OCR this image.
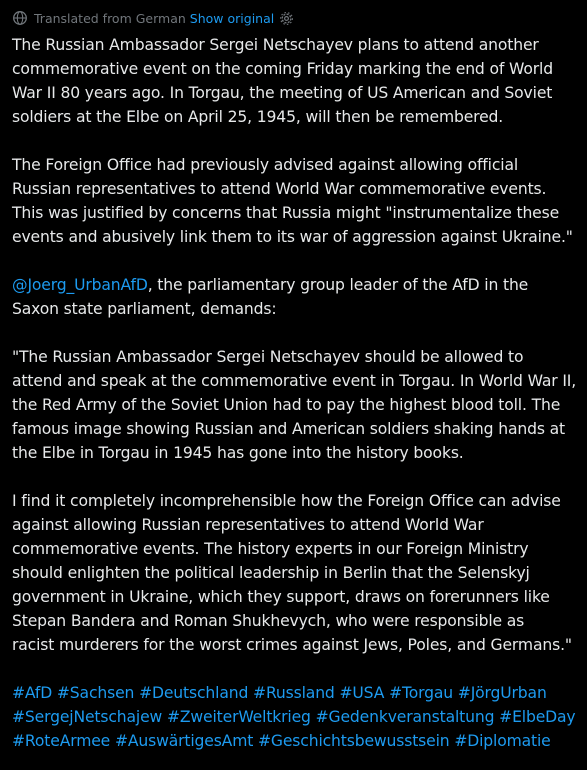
Translated from German Show original

The Russian Ambassador Sergei Netschayev plans to attend another
commemorative event on the coming Friday marking the end of World
War II 80 years ago. In Torgau, the meeting of US American and Soviet
soldiers at the Elbe on April 25, 1945, will then be remembered.

The Foreign Office had previously advised against allowing official
Russian representatives to attend World War commemorative events.
This was justified by concerns that Russia might "instrumentalize these
events and abusively link them to its war of aggression against Ukraine."

@Joerg_UrbanAfD, the parliamentary group leader of the AfD in the
Saxon state parliament, demands:

"The Russian Ambassador Sergei Netschayev should be allowed to
attend and speak at the commemorative event in Torgau. In World War II,
the Red Army of the Soviet Union had to pay the highest blood toll. The
famous image showing Russian and American soldiers shaking hands at
the Elbe in Torgau in 1945 has gone into the history books.

I find it completely incomprehensible how the Foreign Office can advise
against allowing Russian representatives to attend World War
commemorative events. The history experts in our Foreign Ministry
should enlighten the political leadership in Berlin that the Selenskyj
government in Ukraine, which they support, draws on forerunners like
Stepan Bandera and Roman Shukhevych, who were responsible as
racist murderers for the worst crimes against Jews, Poles, and Germans."

#AfD #Sachsen #Deutschland #Russland #USA #Torgau #JörgUrban
#SergejNetschajew #ZweiterWeltkrieg #Gedenkveranstaltung #ElbeDay
#RoteArmee #AuswärtigesAmt #Geschichtsbewusstsein #Diplomatie
